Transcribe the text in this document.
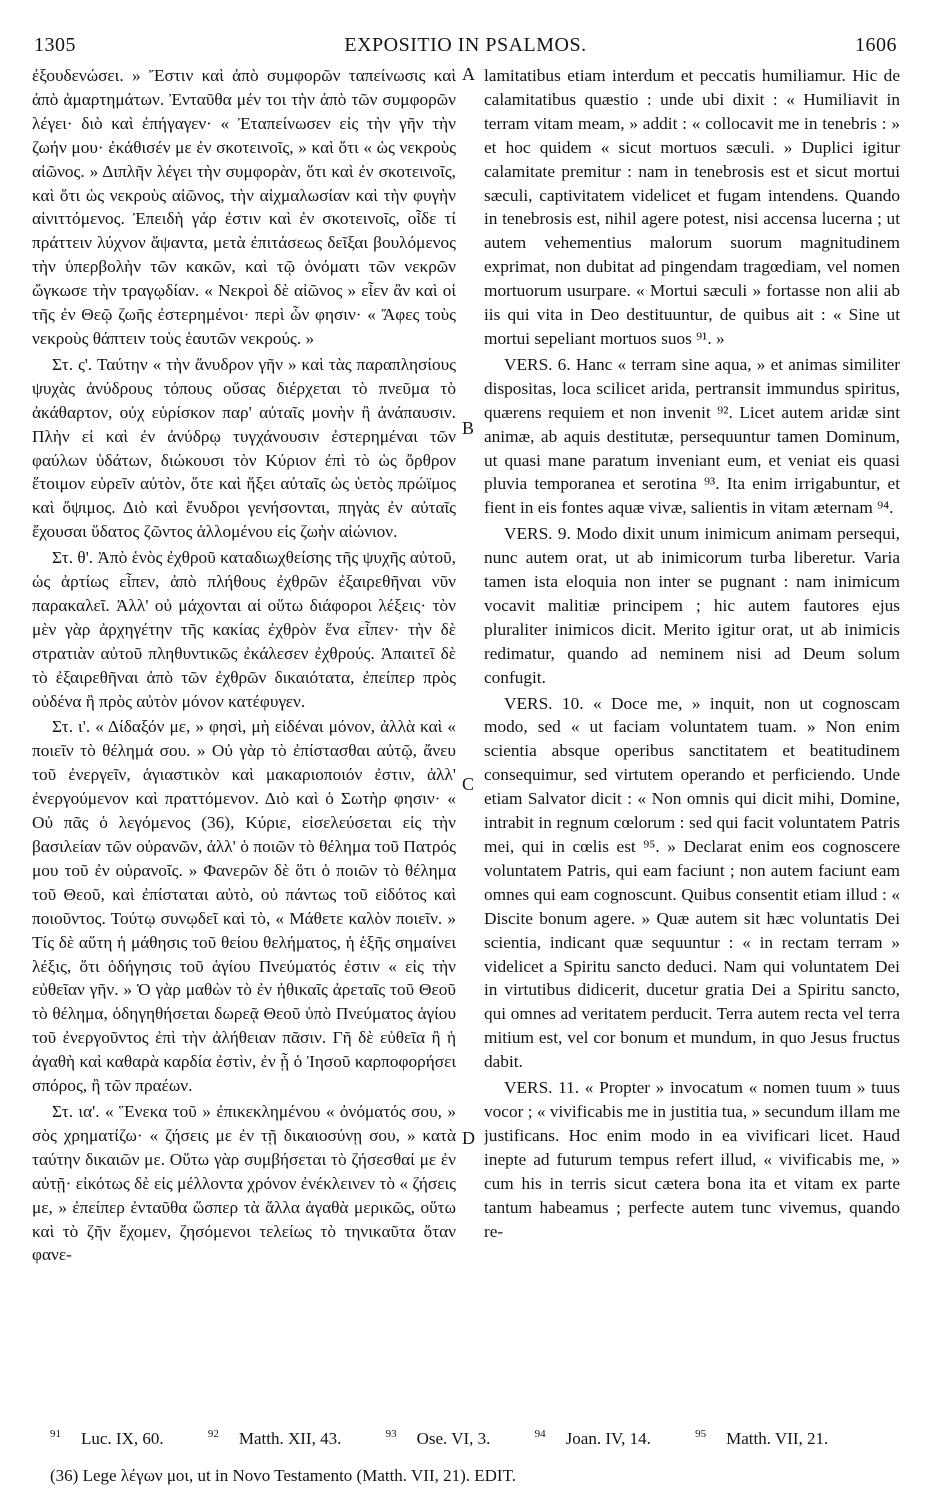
1305	EXPOSITIO IN PSALMOS.	1606

ἐξουδενώσει. » Ἔστιν καὶ ἀπὸ συμφορῶν ταπείνωσις καὶ ἀπὸ ἁμαρτημάτων. Ἐνταῦθα μέν τοι τὴν ἀπὸ τῶν συμφορῶν λέγει· διὸ καὶ ἐπήγαγεν· « Ἐταπείνωσεν εἰς τὴν γῆν τὴν ζωήν μου· ἐκάθισέν με ἐν σκοτεινοῖς, » καὶ ὅτι « ὡς νεκροὺς αἰῶνος. » Διπλῆν λέγει τὴν συμφορὰν, ὅτι καὶ ἐν σκοτεινοῖς, καὶ ὅτι ὡς νεκροὺς αἰῶνος, τὴν αἰχμαλωσίαν καὶ τὴν φυγὴν αἰνιττόμενος. Ἐπειδὴ γάρ ἐστιν καὶ ἐν σκοτεινοῖς, οἶδε τί πράττειν λύχνον ἅψαντα, μετὰ ἐπιτάσεως δεῖξαι βουλόμενος τὴν ὑπερβολὴν τῶν κακῶν, καὶ τῷ ὀνόματι τῶν νεκρῶν ὤγκωσε τὴν τραγῳδίαν. « Νεκροὶ δὲ αἰῶνος » εἶεν ἂν καὶ οἱ τῆς ἐν Θεῷ ζωῆς ἐστερημένοι· περὶ ὧν φησιν· « Ἄφες τοὺς νεκροὺς θάπτειν τοὺς ἑαυτῶν νεκρούς. »

Στ. ς'. Ταύτην « τὴν ἄνυδρον γῆν » καὶ τὰς παραπλησίους ψυχὰς ἀνύδρους τόπους οὔσας διέρχεται τὸ πνεῦμα τὸ ἀκάθαρτον, οὐχ εὑρίσκον παρ' αὐταῖς μονὴν ἢ ἀνάπαυσιν. Πλὴν εἰ καὶ ἐν ἀνύδρῳ τυγχάνουσιν ἐστερημέναι τῶν φαύλων ὑδάτων, διώκουσι τὸν Κύριον ἐπὶ τὸ ὡς ὄρθρον ἕτοιμον εὑρεῖν αὐτὸν, ὅτε καὶ ἥξει αὐταῖς ὡς ὑετὸς πρώϊμος καὶ ὄψιμος. Διὸ καὶ ἔνυδροι γενήσονται, πηγὰς ἐν αὐταῖς ἔχουσαι ὕδατος ζῶντος ἁλλομένου εἰς ζωὴν αἰώνιον.

Στ. θ'. Ἀπὸ ἑνὸς ἐχθροῦ καταδιωχθείσης τῆς ψυχῆς αὐτοῦ, ὡς ἀρτίως εἶπεν, ἀπὸ πλήθους ἐχθρῶν ἐξαιρεθῆναι νῦν παρακαλεῖ. Ἀλλ' οὐ μάχονται αἱ οὕτω διάφοροι λέξεις· τὸν μὲν γὰρ ἀρχηγέτην τῆς κακίας ἐχθρὸν ἕνα εἶπεν· τὴν δὲ στρατιὰν αὐτοῦ πληθυντικῶς ἐκάλεσεν ἐχθρούς. Ἀπαιτεῖ δὲ τὸ ἐξαιρεθῆναι ἀπὸ τῶν ἐχθρῶν δικαιότατα, ἐπείπερ πρὸς οὐδένα ἢ πρὸς αὐτὸν μόνον κατέφυγεν.

Στ. ι'. « Δίδαξόν με, » φησὶ, μὴ εἰδέναι μόνον, ἀλλὰ καὶ « ποιεῖν τὸ θέλημά σου. » Οὐ γὰρ τὸ ἐπίστασθαι αὐτῷ, ἄνευ τοῦ ἐνεργεῖν, ἁγιαστικὸν καὶ μακαριοποιόν ἐστιν, ἀλλ' ἐνεργούμενον καὶ πραττόμενον. Διὸ καὶ ὁ Σωτὴρ φησιν· « Οὐ πᾶς ὁ λεγόμενος (36), Κύριε, εἰσελεύσεται εἰς τὴν βασιλείαν τῶν οὐρανῶν, ἀλλ' ὁ ποιῶν τὸ θέλημα τοῦ Πατρός μου τοῦ ἐν οὐρανοῖς. » Φανερῶν δὲ ὅτι ὁ ποιῶν τὸ θέλημα τοῦ Θεοῦ, καὶ ἐπίσταται αὐτὸ, οὐ πάντως τοῦ εἰδότος καὶ ποιοῦντος. Τούτῳ συνῳδεῖ καὶ τὸ, « Μάθετε καλὸν ποιεῖν. » Τίς δὲ αὕτη ἡ μάθησις τοῦ θείου θελήματος, ἡ ἑξῆς σημαίνει λέξις, ὅτι ὁδήγησις τοῦ ἁγίου Πνεύματός ἐστιν « εἰς τὴν εὐθεῖαν γῆν. » Ὁ γὰρ μαθὼν τὸ ἐν ἠθικαῖς ἀρεταῖς τοῦ Θεοῦ τὸ θέλημα, ὁδηγηθήσεται δωρεᾷ Θεοῦ ὑπὸ Πνεύματος ἁγίου τοῦ ἐνεργοῦντος ἐπὶ τὴν ἀλήθειαν πᾶσιν. Γῆ δὲ εὐθεῖα ἢ ἡ ἀγαθὴ καὶ καθαρὰ καρδία ἐστὶν, ἐν ᾗ ὁ Ἰησοῦ καρποφορήσει σπόρος, ἢ τῶν πραέων.

Στ. ια'. « Ἕνεκα τοῦ » ἐπικεκλημένου « ὀνόματός σου, » σὸς χρηματίζω· « ζήσεις με ἐν τῇ δικαιοσύνῃ σου, » κατὰ ταύτην δικαιῶν με. Οὕτω γὰρ συμβήσεται τὸ ζήσεσθαί με ἐν αὐτῇ· εἰκότως δὲ εἰς μέλλοντα χρόνον ἐνέκλεινεν τὸ « ζήσεις με, » ἐπείπερ ἐνταῦθα ὥσπερ τὰ ἄλλα ἀγαθὰ μερικῶς, οὕτω καὶ τὸ ζῆν ἔχομεν, ζησόμενοι τελείως τὸ τηνικαῦτα ὅταν φανε-

A
B
C
D

lamitatibus etiam interdum et peccatis humiliamur. Hic de calamitatibus quæstio : unde ubi dixit : « Humiliavit in terram vitam meam, » addit : « collocavit me in tenebris : » et hoc quidem « sicut mortuos sæculi. » Duplici igitur calamitate premitur : nam in tenebrosis est et sicut mortui sæculi, captivitatem videlicet et fugam intendens. Quando in tenebrosis est, nihil agere potest, nisi accensa lucerna ; ut autem vehementius malorum suorum magnitudinem exprimat, non dubitat ad pingendam tragœdiam, vel nomen mortuorum usurpare. « Mortui sæculi » fortasse non alii ab iis qui vita in Deo destituuntur, de quibus ait : « Sine ut mortui sepeliant mortuos suos ⁹¹. »

VERS. 6. Hanc « terram sine aqua, » et animas similiter dispositas, loca scilicet arida, pertransit immundus spiritus, quærens requiem et non invenit ⁹². Licet autem aridæ sint animæ, ab aquis destitutæ, persequuntur tamen Dominum, ut quasi mane paratum inveniant eum, et veniat eis quasi pluvia temporanea et serotina ⁹³. Ita enim irrigabuntur, et fient in eis fontes aquæ vivæ, salientis in vitam æternam ⁹⁴.

VERS. 9. Modo dixit unum inimicum animam persequi, nunc autem orat, ut ab inimicorum turba liberetur. Varia tamen ista eloquia non inter se pugnant : nam inimicum vocavit malitiæ principem ; hic autem fautores ejus pluraliter inimicos dicit. Merito igitur orat, ut ab inimicis redimatur, quando ad neminem nisi ad Deum solum confugit.

VERS. 10. « Doce me, » inquit, non ut cognoscam modo, sed « ut faciam voluntatem tuam. » Non enim scientia absque operibus sanctitatem et beatitudinem consequimur, sed virtutem operando et perficiendo. Unde etiam Salvator dicit : « Non omnis qui dicit mihi, Domine, intrabit in regnum cœlorum : sed qui facit voluntatem Patris mei, qui in cœlis est ⁹⁵. » Declarat enim eos cognoscere voluntatem Patris, qui eam faciunt ; non autem faciunt eam omnes qui eam cognoscunt. Quibus consentit etiam illud : « Discite bonum agere. » Quæ autem sit hæc voluntatis Dei scientia, indicant quæ sequuntur : « in rectam terram » videlicet a Spiritu sancto deduci. Nam qui voluntatem Dei in virtutibus didicerit, ducetur gratia Dei a Spiritu sancto, qui omnes ad veritatem perducit. Terra autem recta vel terra mitium est, vel cor bonum et mundum, in quo Jesus fructus dabit.

VERS. 11. « Propter » invocatum « nomen tuum » tuus vocor ; « vivificabis me in justitia tua, » secundum illam me justificans. Hoc enim modo in ea vivificari licet. Haud inepte ad futurum tempus refert illud, « vivificabis me, » cum his in terris sicut cætera bona ita et vitam ex parte tantum habeamus ; perfecte autem tunc vivemus, quando re-

$^{91}$ Luc. IX, 60.	$^{92}$ Matth. XII, 43.	$^{93}$ Ose. VI, 3.	$^{94}$ Joan. IV, 14.	$^{95}$ Matth. VII, 21.
(36) Lege λέγων μοι, ut in Novo Testamento (Matth. VII, 21). EDIT.
